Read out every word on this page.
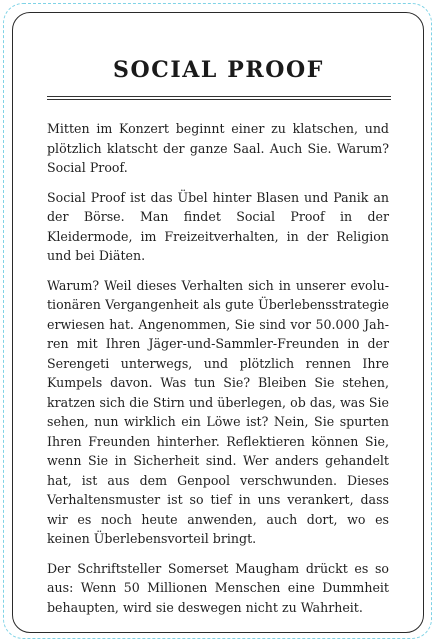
SOCIAL PROOF

Mitten im Konzert beginnt einer zu klatschen, und plötzlich klatscht der ganze Saal. Auch Sie. Warum? Social Proof.

Social Proof ist das Übel hinter Blasen und Panik an der Börse. Man findet Social Proof in der Kleidermode, im Freizeitverhalten, in der Religion und bei Diäten.

Warum? Weil dieses Verhalten sich in unserer evolutionären Vergangenheit als gute Überlebensstrategie erwiesen hat. Angenommen, Sie sind vor 50.000 Jahren mit Ihren Jäger-und-Sammler-Freunden in der Serengeti unterwegs, und plötzlich rennen Ihre Kumpels davon. Was tun Sie? Bleiben Sie stehen, kratzen sich die Stirn und überlegen, ob das, was Sie sehen, nun wirklich ein Löwe ist? Nein, Sie spurten Ihren Freunden hinterher. Reflektieren können Sie, wenn Sie in Sicherheit sind. Wer anders gehandelt hat, ist aus dem Genpool verschwunden. Dieses Verhaltensmuster ist so tief in uns verankert, dass wir es noch heute anwenden, auch dort, wo es keinen Überlebensvorteil bringt.

Der Schriftsteller Somerset Maugham drückt es so aus: Wenn 50 Millionen Menschen eine Dummheit behaupten, wird sie deswegen nicht zu Wahrheit.
